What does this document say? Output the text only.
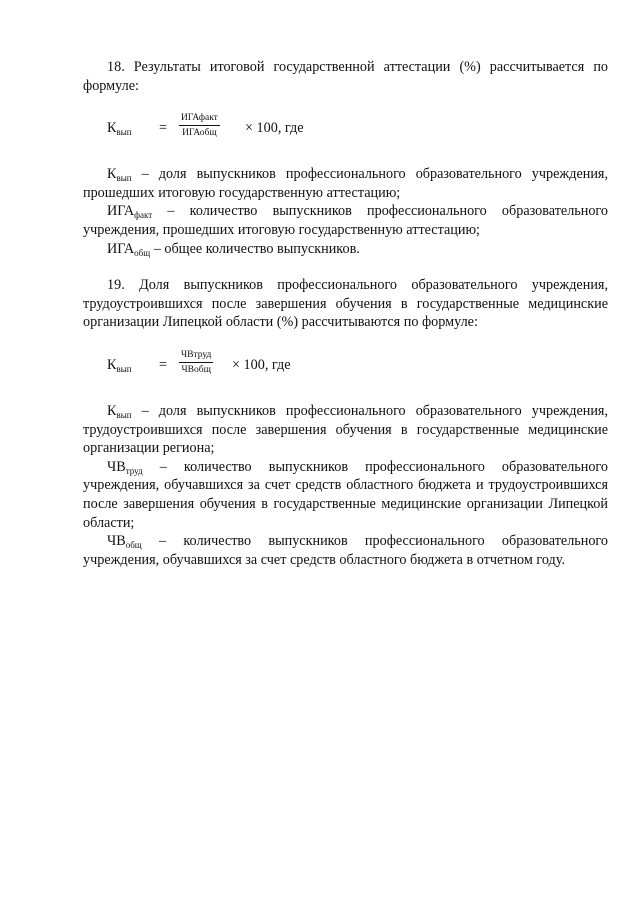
18. Результаты итоговой государственной аттестации (%) рассчитывается по формуле:

$К_{вып}$ =
ИГАфакт
ИГАобщ × 100, где

$К_{вып}$ – доля выпускников профессионального образовательного учреждения, прошедших итоговую государственную аттестацию;

$ИГА_{факт}$ – количество выпускников профессионального образовательного учреждения, прошедших итоговую государственную аттестацию;

$ИГА_{общ}$ – общее количество выпускников.

19. Доля выпускников профессионального образовательного учреждения, трудоустроившихся после завершения обучения в государственные медицинские организации Липецкой области (%) рассчитываются по формуле:

$К_{вып}$ =
ЧВтруд
ЧВобщ × 100, где

$К_{вып}$ – доля выпускников профессионального образовательного учреждения, трудоустроившихся после завершения обучения в государственные медицинские организации региона;

$ЧВ_{труд}$ – количество выпускников профессионального образовательного учреждения, обучавшихся за счет средств областного бюджета и трудоустроившихся после завершения обучения в государственные медицинские организации Липецкой области;

$ЧВ_{общ}$ – количество выпускников профессионального образовательного учреждения, обучавшихся за счет средств областного бюджета в отчетном году.
